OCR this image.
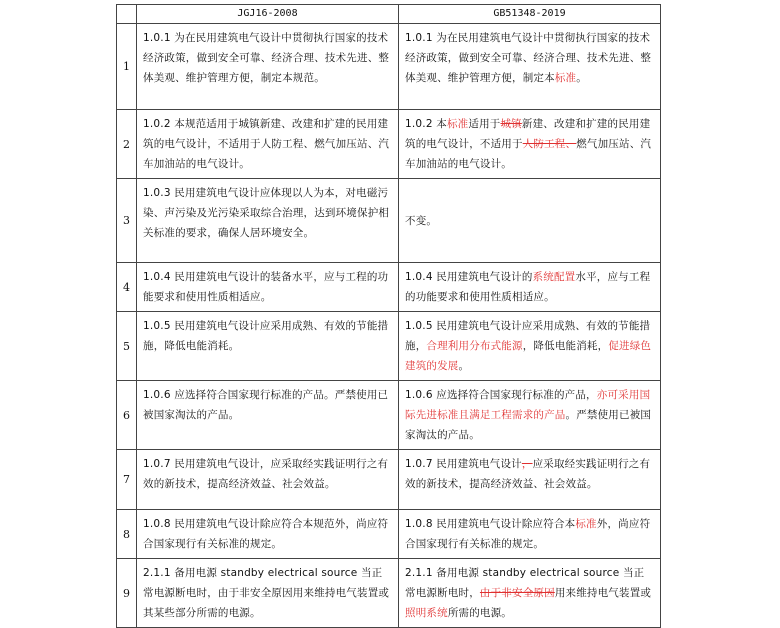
	JGJ16-2008	GB51348-2019
1	1.0.1 为在民用建筑电气设计中贯彻执行国家的技术经济政策，做到安全可靠、经济合理、技术先进、整体美观、维护管理方便，制定本规范。	1.0.1 为在民用建筑电气设计中贯彻执行国家的技术经济政策，做到安全可靠、经济合理、技术先进、整体美观、维护管理方便，制定本标准。
2	1.0.2 本规范适用于城镇新建、改建和扩建的民用建筑的电气设计，不适用于人防工程、燃气加压站、汽车加油站的电气设计。	1.0.2 本标准适用于城镇新建、改建和扩建的民用建筑的电气设计，不适用于人防工程、燃气加压站、汽车加油站的电气设计。
3	1.0.3 民用建筑电气设计应体现以人为本，对电磁污染、声污染及光污染采取综合治理，达到环境保护相关标准的要求，确保人居环境安全。	不变。
4	1.0.4 民用建筑电气设计的装备水平，应与工程的功能要求和使用性质相适应。	1.0.4 民用建筑电气设计的系统配置水平，应与工程的功能要求和使用性质相适应。
5	1.0.5 民用建筑电气设计应采用成熟、有效的节能措施，降低电能消耗。	1.0.5 民用建筑电气设计应采用成熟、有效的节能措施，合理利用分布式能源，降低电能消耗，促进绿色建筑的发展。
6	1.0.6 应选择符合国家现行标准的产品。严禁使用已被国家淘汰的产品。	1.0.6 应选择符合国家现行标准的产品，亦可采用国际先进标准且满足工程需求的产品。严禁使用已被国家淘汰的产品。
7	1.0.7 民用建筑电气设计，应采取经实践证明行之有效的新技术，提高经济效益、社会效益。	1.0.7 民用建筑电气设计，应采取经实践证明行之有效的新技术，提高经济效益、社会效益。
8	1.0.8 民用建筑电气设计除应符合本规范外，尚应符合国家现行有关标准的规定。	1.0.8 民用建筑电气设计除应符合本标准外，尚应符合国家现行有关标准的规定。
9	2.1.1 备用电源 standby electrical source 当正常电源断电时，由于非安全原因用来维持电气装置或其某些部分所需的电源。	2.1.1 备用电源 standby electrical source 当正常电源断电时，由于非安全原因用来维持电气装置或照明系统所需的电源。
